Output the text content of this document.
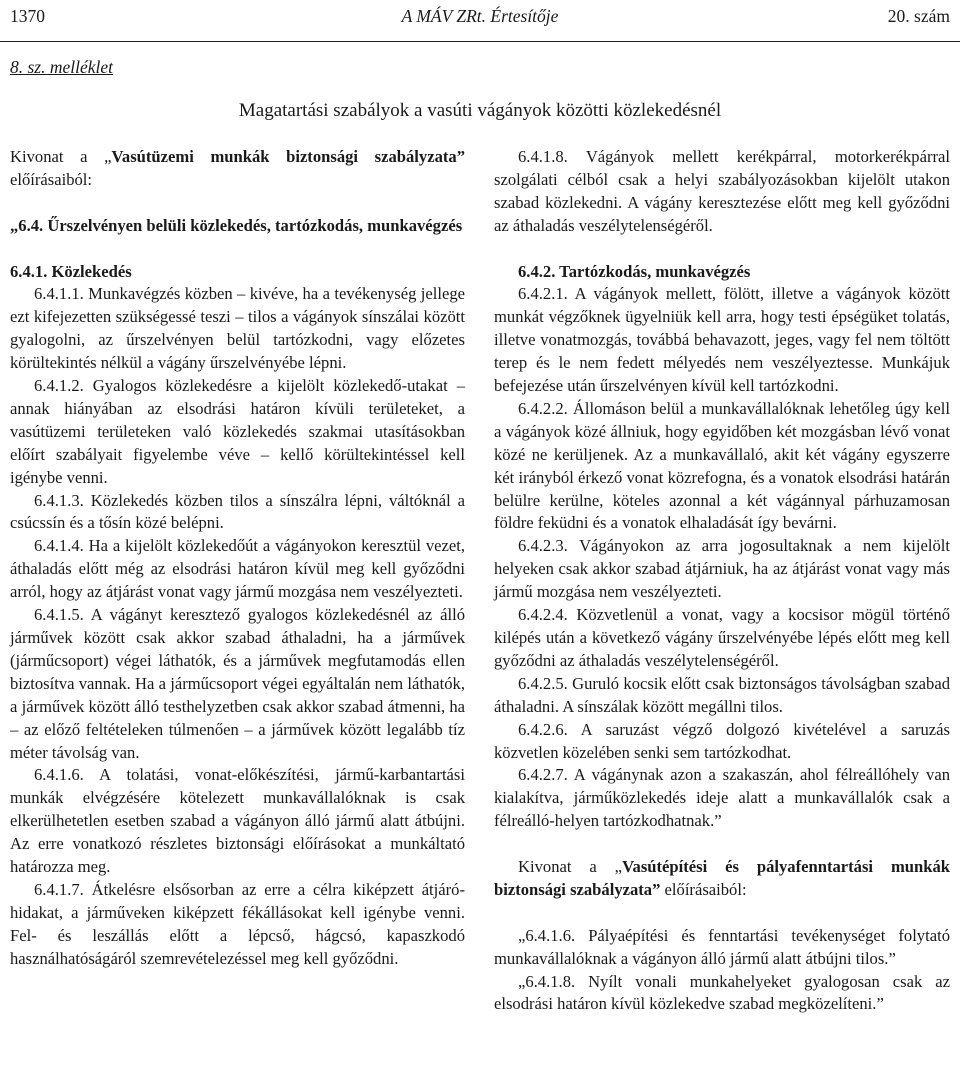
1370	A MÁV ZRt. Értesítője	20. szám
8. sz. melléklet
Magatartási szabályok a vasúti vágányok közötti közlekedésnél

Kivonat a „Vasútüzemi munkák biztonsági szabályzata” előírásaiból:

„6.4. Űrszelvényen belüli közlekedés, tartózkodás, munkavégzés

6.4.1. Közlekedés

6.4.1.1. Munkavégzés közben – kivéve, ha a tevékenység jellege ezt kifejezetten szükségessé teszi – tilos a vágányok sínszálai között gyalogolni, az űrszelvényen belül tartózkodni, vagy előzetes körültekintés nélkül a vágány űrszelvényébe lépni.

6.4.1.2. Gyalogos közlekedésre a kijelölt közlekedő-utakat – annak hiányában az elsodrási határon kívüli területeket, a vasútüzemi területeken való közlekedés szakmai utasításokban előírt szabályait figyelembe véve – kellő körültekintéssel kell igénybe venni.

6.4.1.3. Közlekedés közben tilos a sínszálra lépni, váltóknál a csúcssín és a tősín közé belépni.

6.4.1.4. Ha a kijelölt közlekedőút a vágányokon keresztül vezet, áthaladás előtt még az elsodrási határon kívül meg kell győződni arról, hogy az átjárást vonat vagy jármű mozgása nem veszélyezteti.

6.4.1.5. A vágányt keresztező gyalogos közlekedésnél az álló járművek között csak akkor szabad áthaladni, ha a járművek (járműcsoport) végei láthatók, és a járművek megfutamodás ellen biztosítva vannak. Ha a járműcsoport végei egyáltalán nem láthatók, a járművek között álló testhelyzetben csak akkor szabad átmenni, ha – az előző feltételeken túlmenően – a járművek között legalább tíz méter távolság van.

6.4.1.6. A tolatási, vonat-előkészítési, jármű-karbantartási munkák elvégzésére kötelezett munkavállalóknak is csak elkerülhetetlen esetben szabad a vágányon álló jármű alatt átbújni. Az erre vonatkozó részletes biztonsági előírásokat a munkáltató határozza meg.

6.4.1.7. Átkelésre elsősorban az erre a célra kiképzett átjáró-hidakat, a járműveken kiképzett fékállásokat kell igénybe venni. Fel- és leszállás előtt a lépcső, hágcsó, kapaszkodó használhatóságáról szemrevételezéssel meg kell győződni.

6.4.1.8. Vágányok mellett kerékpárral, motorkerékpárral szolgálati célból csak a helyi szabályozásokban kijelölt utakon szabad közlekedni. A vágány keresztezése előtt meg kell győződni az áthaladás veszélytelenségéről.

6.4.2. Tartózkodás, munkavégzés

6.4.2.1. A vágányok mellett, fölött, illetve a vágányok között munkát végzőknek ügyelniük kell arra, hogy testi épségüket tolatás, illetve vonatmozgás, továbbá behavazott, jeges, vagy fel nem töltött terep és le nem fedett mélyedés nem veszélyeztesse. Munkájuk befejezése után űrszelvényen kívül kell tartózkodni.

6.4.2.2. Állomáson belül a munkavállalóknak lehetőleg úgy kell a vágányok közé állniuk, hogy egyidőben két mozgásban lévő vonat közé ne kerüljenek. Az a munkavállaló, akit két vágány egyszerre két irányból érkező vonat közrefogna, és a vonatok elsodrási határán belülre kerülne, köteles azonnal a két vágánnyal párhuzamosan földre feküdni és a vonatok elhaladását így bevárni.

6.4.2.3. Vágányokon az arra jogosultaknak a nem kijelölt helyeken csak akkor szabad átjárniuk, ha az átjárást vonat vagy más jármű mozgása nem veszélyezteti.

6.4.2.4. Közvetlenül a vonat, vagy a kocsisor mögül történő kilépés után a következő vágány űrszelvényébe lépés előtt meg kell győződni az áthaladás veszélytelenségéről.

6.4.2.5. Guruló kocsik előtt csak biztonságos távolságban szabad áthaladni. A sínszálak között megállni tilos.

6.4.2.6. A saruzást végző dolgozó kivételével a saruzás közvetlen közelében senki sem tartózkodhat.

6.4.2.7. A vágánynak azon a szakaszán, ahol félreállóhely van kialakítva, járműközlekedés ideje alatt a munkavállalók csak a félreálló-helyen tartózkodhatnak.”

Kivonat a „Vasútépítési és pályafenntartási munkák biztonsági szabályzata” előírásaiból:

„6.4.1.6. Pályaépítési és fenntartási tevékenységet folytató munkavállalóknak a vágányon álló jármű alatt átbújni tilos.”

„6.4.1.8. Nyílt vonali munkahelyeket gyalogosan csak az elsodrási határon kívül közlekedve szabad megközelíteni.”
